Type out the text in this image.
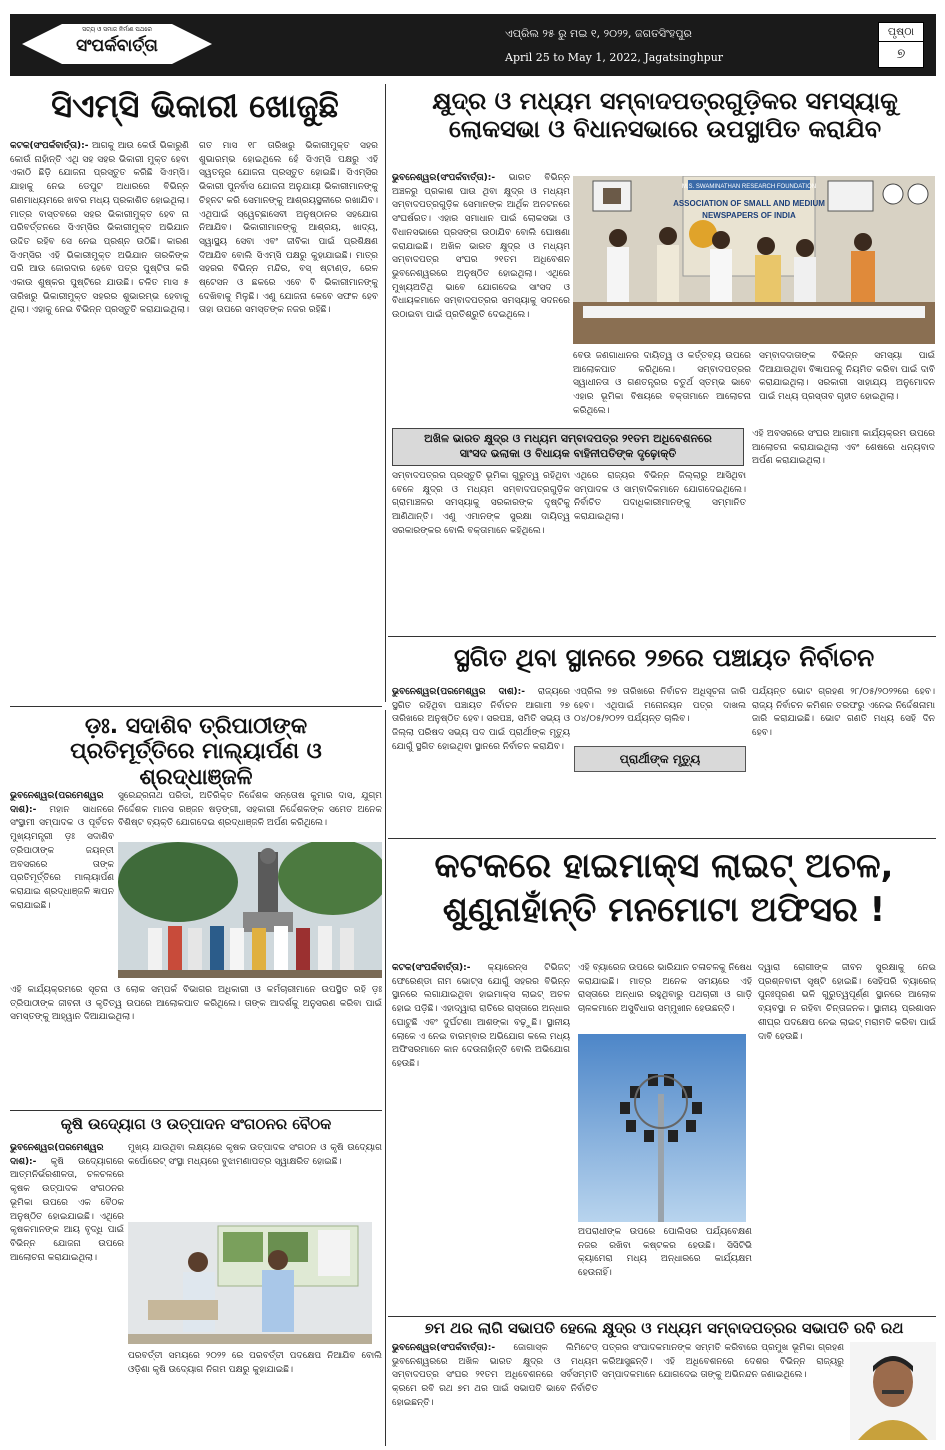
ସତ୍ୟ ଓ ସମାଜ ନିର୍ମାଣ ପଥରେ
ସଂପର୍କବାର୍ତ୍ତା
ଏପ୍ରିଲ ୨୫ ରୁ ମଇ ୧, ୨୦୨୨, ଜଗତସିଂହପୁର
April 25 to May 1, 2022, Jagatsinghpur
ପୃଷ୍ଠା
୭
ସିଏମ୍‌ସି ଭିକାରୀ ଖୋଜୁଛି
କଟକ(ସଂପର୍କବାର୍ତ୍ତା):- ଆଗକୁ ଆଉ କେଉଁ ଭିକାରୁଣି କୋଉଁ ନାହାଁନ୍ତି ଏଥି ସହ ସହର ଭିକାରୀ ମୁକ୍ତ ହେବା ଏକାଠି ଛିଡ଼ି ଯୋଜନା ପ୍ରସ୍ତୁତ କରିଛି ସିଏମ୍‌ସି। ଯାହାକୁ ନେଇ ଡେପୁଟ ଅଧାରରେ ବିଭିନ୍ନ ଗଣମାଧ୍ୟମରେ ଖବର ମଧ୍ୟ ପ୍ରକାଶିତ ହୋଇଥିଲା। ମାତ୍ର ବାସ୍ତବରେ ସହର ଭିକାରୀମୁକ୍ତ ହେବ ନା ପରିବର୍ତ୍ତନରେ ସିଏମ୍‌ସିର ଭିକାରୀମୁକ୍ତ ଅଭିଯାନ ଉଦ୍ଦିତ ରହିବ ସେ ନେଇ ପ୍ରଶ୍ନ ଉଠିଛି। କାରଣ ସିଏମ୍‌ସିର ଏହି ଭିକାରୀମୁକ୍ତ ଅଭିଯାନ ତାରକିଙ୍କ ପରି ଆଉ ଜୋରଦାର ହେବେ ପତ୍ର ପୁଷ୍ଟିତା କରି ଏକାଉ ଶୁଷ୍କର ପୁଷ୍ଟିରେ ଯାଉଛି। ଚଳିତ ମାସ ୫ ତାରିଖରୁ ଭିକାରୀମୁକ୍ତ ସହରର ଶୁଭାରମ୍ଭ ହେବାକୁ ଥିଲା। ଏହାକୁ ନେଇ ବିଭିନ୍ନ ପ୍ରସ୍ତୁତି କରାଯାଇଥିଲା। ଗତ ମାସ ୧୮ ତାରିଖରୁ ଭିକାରୀମୁକ୍ତ ସହର ଶୁଭାରମ୍ଭ ହୋଇଥିଲେ ହେଁ ସିଏମ୍‌ସି ପକ୍ଷରୁ ଏହି ସ୍ୱତନ୍ତ୍ର ଯୋଜନା ପ୍ରସ୍ତୁତ ହୋଇଛି। ସିଏମ୍‌ସିର ଭିକାରୀ ପୁନର୍ବାସ ଯୋଜନା ଅନୁଯାୟୀ ଭିକାରୀମାନଙ୍କୁ ଚିହ୍ନଟ କରି ସେମାନଙ୍କୁ ଆଶ୍ରୟସ୍ଥଳୀରେ ରଖାଯିବ। ଏଥିପାଇଁ ସ୍ୱେଚ୍ଛାସେବୀ ଅନୁଷ୍ଠାନର ସହଯୋଗ ନିଆଯିବ। ଭିକାରୀମାନଙ୍କୁ ଆଶ୍ରୟ, ଖାଦ୍ୟ, ସ୍ୱାସ୍ଥ୍ୟ ସେବା ଏବଂ ଜୀବିକା ପାଇଁ ପ୍ରଶିକ୍ଷଣ ଦିଆଯିବ ବୋଲି ସିଏମ୍‌ସି ପକ୍ଷରୁ କୁହାଯାଇଛି। ମାତ୍ର ସହରର ବିଭିନ୍ନ ମନ୍ଦିର, ବସ୍ ଷ୍ଟାଣ୍ଡ, ରେଳ ଷ୍ଟେସନ ଓ ଛକରେ ଏବେ ବି ଭିକାରୀମାନଙ୍କୁ ଦେଖିବାକୁ ମିଳୁଛି। ଏଣୁ ଯୋଜନା କେବେ ସଫଳ ହେବ ତାହା ଉପରେ ସମସ୍ତଙ୍କ ନଜର ରହିଛି।
କ୍ଷୁଦ୍ର ଓ ମଧ୍ୟମ ସମ୍ବାଦପତ୍ରଗୁଡ଼ିକର ସମସ୍ୟାକୁ
ଲୋକସଭା ଓ ବିଧାନସଭାରେ ଉପସ୍ଥାପିତ କରାଯିବ
ଭୁବନେଶ୍ୱର(ସଂପର୍କବାର୍ତ୍ତା):- ଭାରତ ବିଭିନ୍ନ ଅଞ୍ଚଳରୁ ପ୍ରକାଶ ପାଉ ଥିବା କ୍ଷୁଦ୍ର ଓ ମଧ୍ୟମ ସମ୍ବାଦପତ୍ରଗୁଡ଼ିକ ସେମାନଙ୍କ ଆର୍ଥିକ ଅନଟନରେ ସଂଘର୍ଷରତ। ଏହାର ସମାଧାନ ପାଇଁ ଲୋକସଭା ଓ ବିଧାନସଭାରେ ପ୍ରସଙ୍ଗ ଉଠାଯିବ ବୋଲି ଘୋଷଣା କରାଯାଇଛି। ଅଖିଳ ଭାରତ କ୍ଷୁଦ୍ର ଓ ମଧ୍ୟମ ସମ୍ବାଦପତ୍ର ସଂଘର ୨୧ତମ ଅଧିବେଶନ ଭୁବନେଶ୍ୱରରେ ଅନୁଷ୍ଠିତ ହୋଇଥିଲା। ଏଥିରେ ମୁଖ୍ୟଅତିଥି ଭାବେ ଯୋଗଦେଇ ସାଂସଦ ଓ ବିଧାୟକମାନେ ସମ୍ବାଦପତ୍ରର ସମସ୍ୟାକୁ ସଦନରେ ଉଠାଇବା ପାଇଁ ପ୍ରତିଶ୍ରୁତି ଦେଇଥିଲେ।
M.S. SWAMINATHAN RESEARCH FOUNDATION
ASSOCIATION OF SMALL AND MEDIUM
NEWSPAPERS OF INDIA
ବେଉ ଜଣଗାଧାନର ଦାୟିତ୍ୱ ଓ କର୍ତ୍ତବ୍ୟ ଉପରେ ଆଲୋକପାତ କରିଥିଲେ। ସମ୍ବାଦପତ୍ରର ସ୍ୱାଧୀନତା ଓ ଗଣତନ୍ତ୍ରର ଚତୁର୍ଥ ସ୍ତମ୍ଭ ଭାବେ ଏହାର ଭୂମିକା ବିଷୟରେ ବକ୍ତାମାନେ ଆଲୋଚନା କରିଥିଲେ।
ସମ୍ବାଦଦାତାଙ୍କ ବିଭିନ୍ନ ସମସ୍ୟା ପାଇଁ ଦିଆଯାଉଥିବା ବିଜ୍ଞାପନକୁ ନିୟମିତ କରିବା ପାଇଁ ଦାବି କରାଯାଇଥିଲା। ସରକାରୀ ସାହାଯ୍ୟ ଅନୁମୋଦନ ପାଇଁ ମଧ୍ୟ ପ୍ରସ୍ତାବ ଗୃହୀତ ହୋଇଥିଲା।
ଅଖିଳ ଭାରତ କ୍ଷୁଦ୍ର ଓ ମଧ୍ୟମ ସମ୍ବାଦପତ୍ର ୨୧ତମ ଅଧିବେଶନରେ
ସାଂସଦ ଭଲାକା ଓ ବିଧାୟକ ବାହିନୀପତିଙ୍କ ଦୃଢ଼ୋକ୍ତି
ସମ୍ବାଦପତ୍ରର ପ୍ରସ୍ତୁତି ଭୂମିକା ଗୁରୁତ୍ୱ ରହିଥିବା ବେଳେ କ୍ଷୁଦ୍ର ଓ ମଧ୍ୟମ ସମ୍ବାଦପତ୍ରଗୁଡ଼ିକ ଗ୍ରାମାଞ୍ଚଳର ସମସ୍ୟାକୁ ସରକାରଙ୍କ ଦୃଷ୍ଟିକୁ ଆଣିଥାନ୍ତି। ଏଣୁ ଏମାନଙ୍କ ସୁରକ୍ଷା ଦାୟିତ୍ୱ ସରକାରଙ୍କର ବୋଲି ବକ୍ତାମାନେ କହିଥିଲେ।
ଏଥିରେ ରାଜ୍ୟର ବିଭିନ୍ନ ଜିଲ୍ଲାରୁ ଆସିଥିବା ସମ୍ପାଦକ ଓ ସାମ୍ବାଦିକମାନେ ଯୋଗଦେଇଥିଲେ। ନିର୍ବାଚିତ ପଦାଧିକାରୀମାନଙ୍କୁ ସମ୍ମାନିତ କରାଯାଇଥିଲା।
ଏହି ଅବସରରେ ସଂଘର ଆଗାମୀ କାର୍ଯ୍ୟକ୍ରମ ଉପରେ ଆଲୋଚନା କରାଯାଇଥିଲା ଏବଂ ଶେଷରେ ଧନ୍ୟବାଦ ଅର୍ପଣ କରାଯାଇଥିଲା।
ସ୍ଥଗିତ ଥିବା ସ୍ଥାନରେ ୨୭ରେ ପଞ୍ଚାୟତ ନିର୍ବାଚନ
ଭୁବନେଶ୍ୱର(ପରମେଶ୍ୱର ଦାଶ):- ରାଜ୍ୟରେ ସ୍ଥଗିତ ରହିଥିବା ପଞ୍ଚାୟତ ନିର୍ବାଚନ ଆଗାମୀ ୨୭ ତାରିଖରେ ଅନୁଷ୍ଠିତ ହେବ। ସରପଞ୍ଚ, ସମିତି ସଭ୍ୟ ଓ ଜିଲ୍ଲା ପରିଷଦ ସଭ୍ୟ ପଦ ପାଇଁ ପ୍ରାର୍ଥୀଙ୍କ ମୃତ୍ୟୁ ଯୋଗୁଁ ସ୍ଥଗିତ ହୋଇଥିବା ସ୍ଥାନରେ ନିର୍ବାଚନ କରାଯିବ।
ଏପ୍ରିଲ ୨୭ ତାରିଖରେ ନିର୍ବାଚନ ଅଧିସୂଚନା ଜାରି ହେବ। ଏଥିପାଇଁ ମନୋନୟନ ପତ୍ର ଦାଖଲ ୦୪/୦୫/୨୦୨୨ ପର୍ଯ୍ୟନ୍ତ ଚାଲିବ।
ପ୍ରାର୍ଥୀଙ୍କ ମୃତ୍ୟୁ
ପର୍ଯ୍ୟନ୍ତ ଭୋଟ ଗ୍ରହଣ ୨୮/୦୫/୨୦୨୨ରେ ହେବ। ରାଜ୍ୟ ନିର୍ବାଚନ କମିଶନ ତରଫରୁ ଏନେଇ ନିର୍ଦ୍ଦେଶନାମା ଜାରି କରାଯାଇଛି। ଭୋଟ ଗଣତି ମଧ୍ୟ ସେହି ଦିନ ହେବ।
ଡ଼ଃ. ସଦାଶିବ ତ୍ରିପାଠୀଙ୍କ
ପ୍ରତିମୂର୍ତ୍ତିରେ ମାଲ୍ୟାର୍ପଣ ଓ ଶ୍ରଦ୍ଧାଞ୍ଜଳି
ଭୁବନେଶ୍ୱର(ପରମେଶ୍ୱର ଦାଶ):- ମହାନ ସାଧନରେ ସଂସ୍ଥାମୀ ସମ୍ପାଦକ ଓ ପୂର୍ବତନ ମୁଖ୍ୟମନ୍ତ୍ରୀ ଡ଼ଃ ସଦାଶିବ ତ୍ରିପାଠୀଙ୍କ ଜୟନ୍ତୀ ଅବସରରେ ତାଙ୍କ ପ୍ରତିମୂର୍ତ୍ତିରେ ମାଲ୍ୟାର୍ପଣ କରାଯାଇ ଶ୍ରଦ୍ଧାଞ୍ଜଳି ଜ୍ଞାପନ କରାଯାଇଛି।
ସୁରେନ୍ଦ୍ରନାଥ ପରିଡା, ଅତିରିକ୍ତ ନିର୍ଦ୍ଦେଶକ ସନ୍ତୋଷ କୁମାର ଦାସ, ଯୁଗ୍ମ ନିର୍ଦ୍ଦେଶକ ମାନସ ରଞ୍ଜନ ଷଡ଼଼ଙ୍ଗୀ, ସହକାରୀ ନିର୍ଦ୍ଦେଶକଙ୍କ ସମେତ ଅନେକ ବିଶିଷ୍ଟ ବ୍ୟକ୍ତି ଯୋଗଦେଇ ଶ୍ରଦ୍ଧାଞ୍ଜଳି ଅର୍ପଣ କରିଥିଲେ।
ଏହି କାର୍ଯ୍ୟକ୍ରମରେ ସୂଚନା ଓ ଲୋକ ସମ୍ପର୍କ ବିଭାଗର ଅଧିକାରୀ ଓ କର୍ମଚାରୀମାନେ ଉପସ୍ଥିତ ରହି ଡ଼ଃ ତ୍ରିପାଠୀଙ୍କ ଜୀବନୀ ଓ କୃତିତ୍ୱ ଉପରେ ଆଲୋକପାତ କରିଥିଲେ। ତାଙ୍କ ଆଦର୍ଶକୁ ଅନୁସରଣ କରିବା ପାଇଁ ସମସ୍ତଙ୍କୁ ଆହ୍ୱାନ ଦିଆଯାଇଥିଲା।
କୃଷି ଉଦ୍ୟୋଗ ଓ ଉତ୍ପାଦନ ସଂଗଠନର ବୈଠକ
ଭୁବନେଶ୍ୱର(ପରମେଶ୍ୱର ଦାଶ):- କୃଷି ଉଦ୍ୟୋଗରେ ଆତ୍ମନିର୍ଭରଶୀଳତା, ଚଳଚଳରେ କୃଷକ ଉତ୍ପାଦକ ସଂଗଠନର ଭୂମିକା ଉପରେ ଏକ ବୈଠକ ଅନୁଷ୍ଠିତ ହୋଇଯାଇଛି। ଏଥିରେ କୃଷକମାନଙ୍କ ଆୟ ବୃଦ୍ଧି ପାଇଁ ବିଭିନ୍ନ ଯୋଜନା ଉପରେ ଆଲୋଚନା କରାଯାଇଥିଲା।
ମୁଖ୍ୟ ଯାଉଥିବା ଲକ୍ଷ୍ୟରେ କୃଷକ ଉତ୍ପାଦକ ସଂଗଠନ ଓ କୃଷି ଉଦ୍ୟୋଗ କର୍ପୋରେଟ୍ ସଂସ୍ଥା ମଧ୍ୟରେ ବୁଝାମଣାପତ୍ର ସ୍ୱାକ୍ଷରିତ ହୋଇଛି।
ପରବର୍ତ୍ତୀ ସମୟରେ ୨୦୨୨ ରେ ପରବର୍ତ୍ତୀ ପଦକ୍ଷେପ ନିଆଯିବ ବୋଲି ଓଡ଼ିଶା କୃଷି ଉଦ୍ୟୋଗ ନିଗମ ପକ୍ଷରୁ କୁହାଯାଇଛି।
କଟକରେ ହାଇମାକ୍ସ ଲାଇଟ୍ ଅଚଳ,
ଶୁଣୁନାହାଁନ୍ତି ମନମୋଟା ଅଫିସର !
କଟକ(ସଂପର୍କବାର୍ତ୍ତା):- କ୍ୟାରେନ୍ସ ଟିଭିଜଟ୍ ଫେରେଣ୍ଡା ନାମ ଭୋଟ୍ସ ଯୋଗୁଁ ସହରର ବିଭିନ୍ନ ସ୍ଥାନରେ ଲଗାଯାଇଥିବା ହାଇମାକ୍ସ ଲାଇଟ୍ ଅଚଳ ହୋଇ ପଡ଼ିଛି। ଏହାଦ୍ୱାରା ରାତିରେ ରାସ୍ତାରେ ଅନ୍ଧାର ଘୋଟୁଛି ଏବଂ ଦୁର୍ଘଟଣା ଆଶଙ୍କା ବଢ଼ୁଛି। ସ୍ଥାନୀୟ ଲୋକେ ଏ ନେଇ ବାରମ୍ବାର ଅଭିଯୋଗ କଲେ ମଧ୍ୟ ଅଫିସରମାନେ କାନ ଦେଉନାହାଁନ୍ତି ବୋଲି ଅଭିଯୋଗ ହେଉଛି।
ଏହି ବ୍ୟାରେଜ ଉପରେ ଭାରିଯାନ ଚଳାଚଳକୁ ନିଷେଧ କରାଯାଇଛି। ମାତ୍ର ଅନେକ ସମୟରେ ଏହି ରାସ୍ତାରେ ଅନ୍ଧାର ରହୁଥିବାରୁ ପଥଚାରୀ ଓ ଗାଡ଼ି ଚାଳକମାନେ ଅସୁବିଧାର ସମ୍ମୁଖୀନ ହେଉଛନ୍ତି।
ଅପରାଧୀଙ୍କ ଉପରେ ପୋଲିସର ପର୍ଯ୍ୟବେକ୍ଷଣ ନଜର ରଖିବା କଷ୍ଟକର ହେଉଛି। ସିସିଟିଭି କ୍ୟାମେରା ମଧ୍ୟ ଅନ୍ଧାରରେ କାର୍ଯ୍ୟକ୍ଷମ ହେଉନାହିଁ।
ଦ୍ୱାରା ରୋଗୀଙ୍କ ଜୀବନ ସୁରକ୍ଷାକୁ ନେଇ ପ୍ରଶ୍ନବାଚୀ ସୃଷ୍ଟି ହୋଇଛି। ସେହିପରି ବ୍ୟାରେଜ୍ ପୁନଃପୂରଣ ଭଳି ଗୁରୁତ୍ୱପୂର୍ଣ୍ଣ ସ୍ଥାନରେ ଆଲୋକ ବ୍ୟବସ୍ଥା ନ ରହିବା ଚିନ୍ତାଜନକ। ସ୍ଥାନୀୟ ପ୍ରଶାସନ ଶୀଘ୍ର ପଦକ୍ଷେପ ନେଇ ଲାଇଟ୍ ମରାମତି କରିବା ପାଇଁ ଦାବି ହେଉଛି।
୭ମ ଥର ଲାଗି ସଭାପତି ହେଲେ କ୍ଷୁଦ୍ର ଓ ମଧ୍ୟମ ସମ୍ବାଦପତ୍ରର ସଭାପତି ରବି ରଥ
ଭୁବନେଶ୍ୱର(ସଂପର୍କବାର୍ତ୍ତା):- ଜୋଗାସ୍କ ଲିମିଟେଡ୍ ଭୁବନେଶ୍ୱରରେ ଅଖିଳ ଭାରତ କ୍ଷୁଦ୍ର ଓ ମଧ୍ୟମ ସମ୍ବାଦପତ୍ର ସଂଘର ୨୧ତମ ଅଧିବେଶନରେ ସର୍ବସମ୍ମତି କ୍ରମେ ରବି ରଥ ୭ମ ଥର ପାଇଁ ସଭାପତି ଭାବେ ନିର୍ବାଚିତ ହୋଇଛନ୍ତି।
ପତ୍ରର ସଂପାଦକମାନଙ୍କ ସମ୍ମତି କରିବାରେ ପ୍ରମୁଖ ଭୂମିକା ଗ୍ରହଣ କରିଆସୁଛନ୍ତି। ଏହି ଅଧିବେଶନରେ ଦେଶର ବିଭିନ୍ନ ରାଜ୍ୟରୁ ସମ୍ପାଦକମାନେ ଯୋଗଦେଇ ତାଙ୍କୁ ଅଭିନନ୍ଦନ ଜଣାଇଥିଲେ।
